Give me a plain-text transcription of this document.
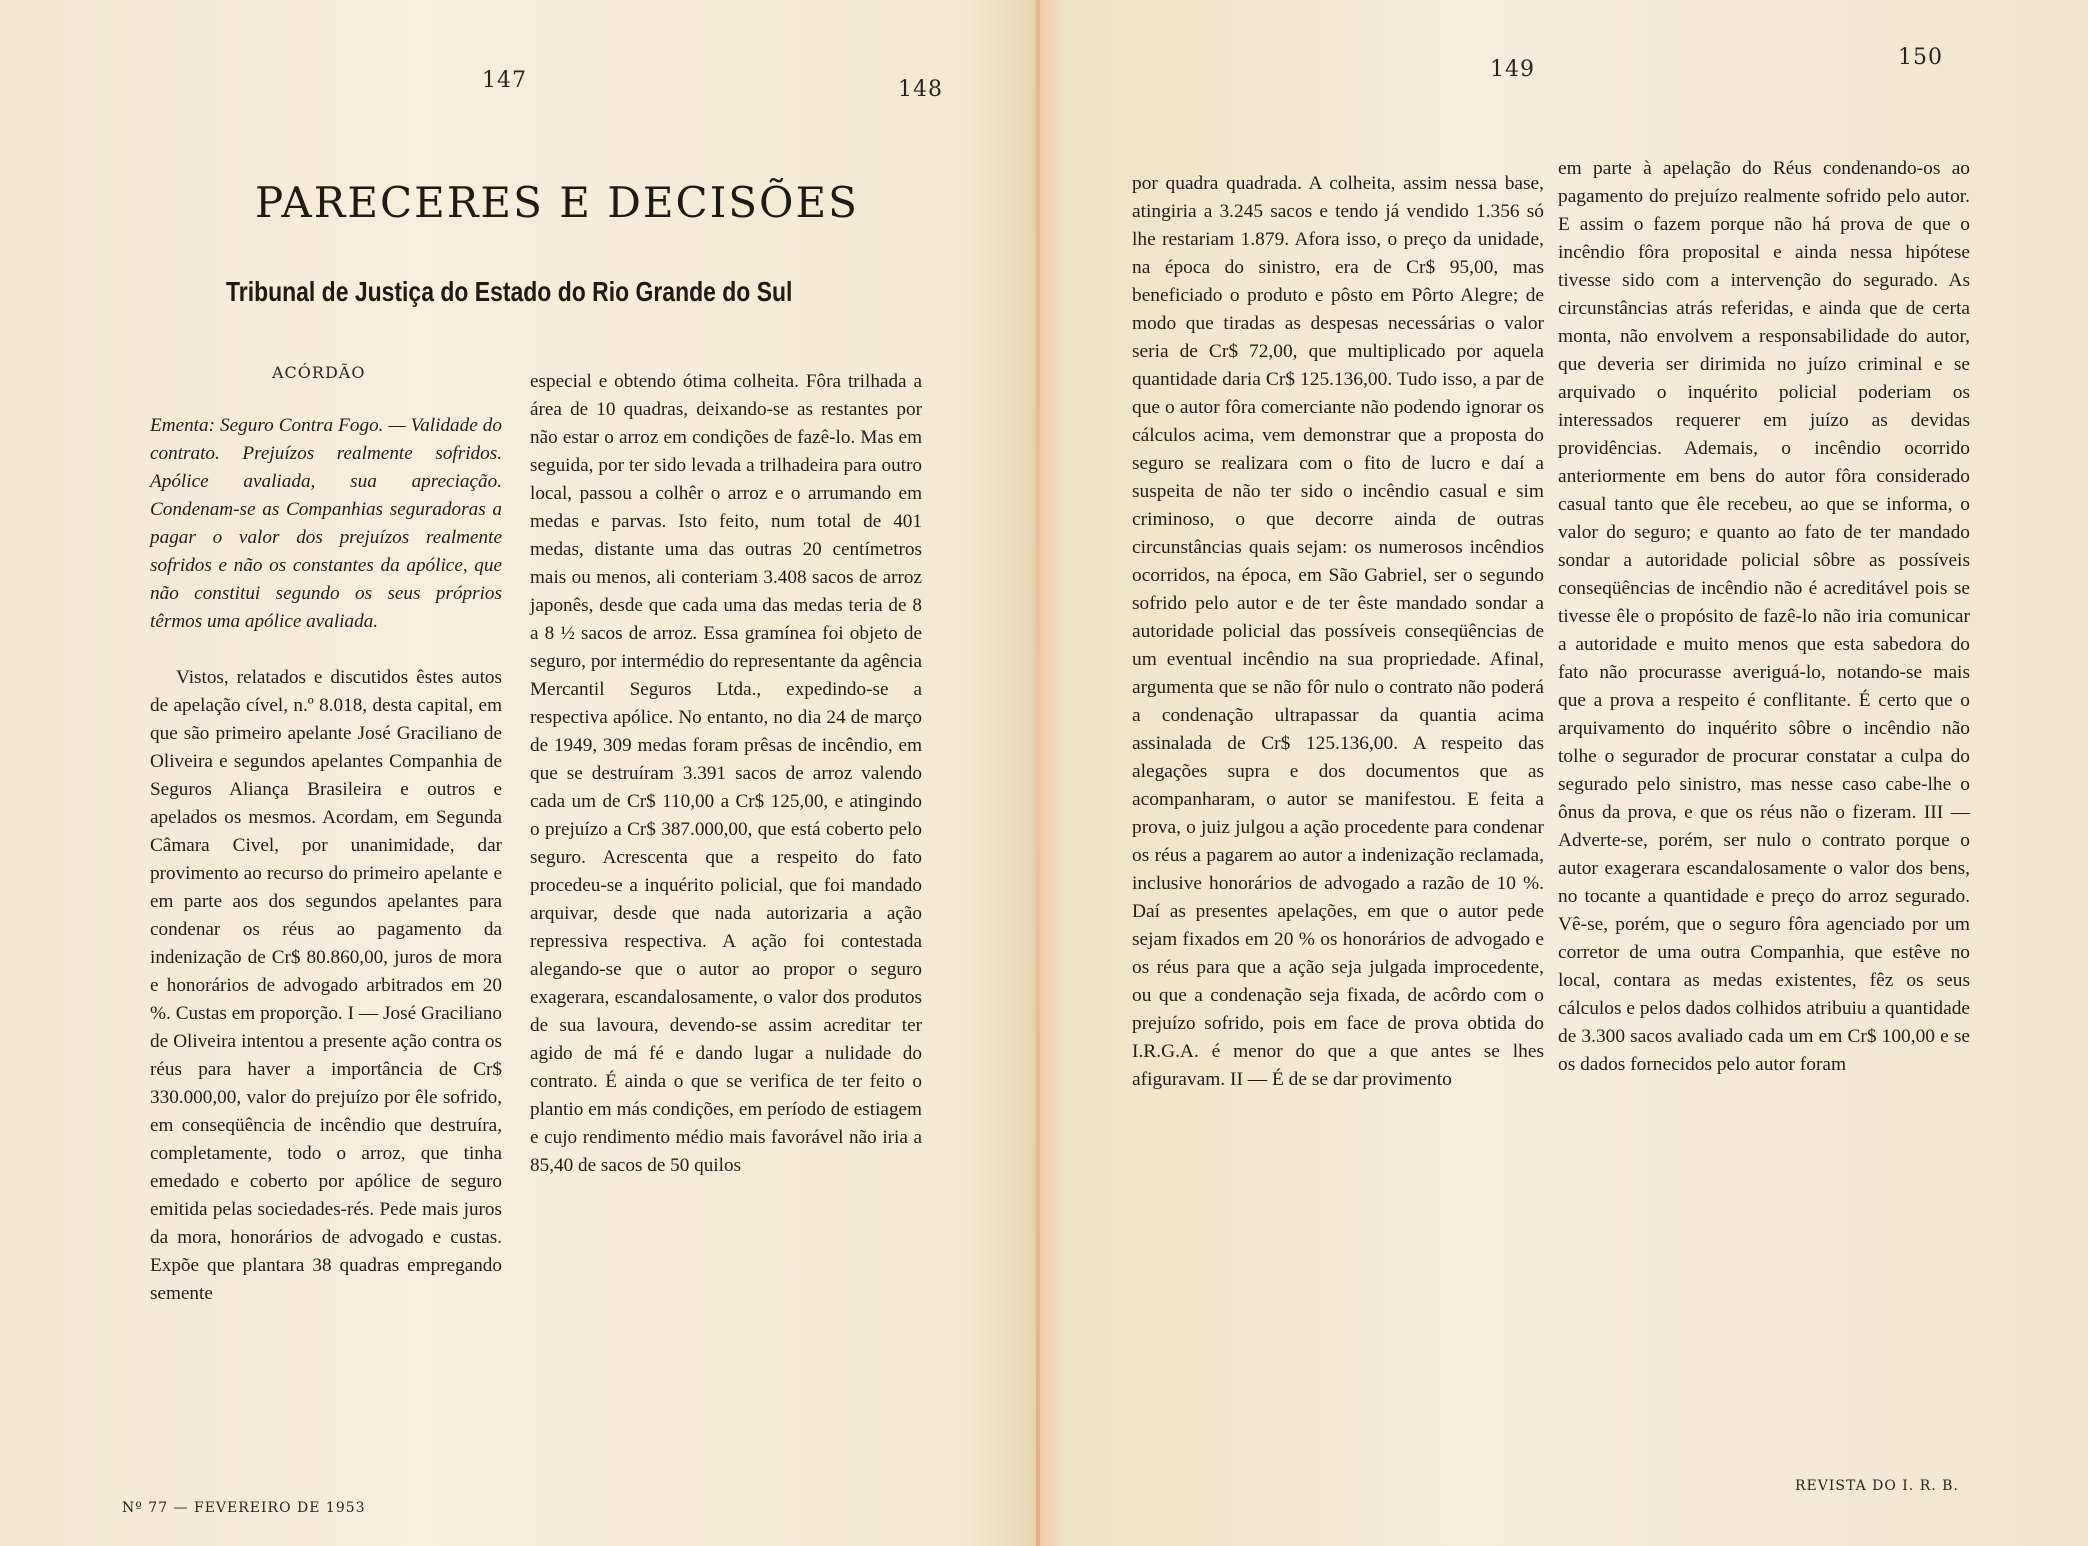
147	148
149	150
PARECERES E DECISÕES
Tribunal de Justiça do Estado do Rio Grande do Sul
ACÓRDÃO

Ementa: Seguro Contra Fogo. — Validade do contrato. Prejuízos realmente sofridos. Apólice avaliada, sua apreciação. Condenam-se as Companhias seguradoras a pagar o valor dos prejuízos realmente sofridos e não os constantes da apólice, que não constitui segundo os seus próprios têrmos uma apólice avaliada.

Vistos, relatados e discutidos êstes autos de apelação cível, n.º 8.018, desta capital, em que são primeiro apelante José Graciliano de Oliveira e segundos apelantes Companhia de Seguros Aliança Brasileira e outros e apelados os mesmos. Acordam, em Segunda Câmara Civel, por unanimidade, dar provimento ao recurso do primeiro apelante e em parte aos dos segundos apelantes para condenar os réus ao pagamento da indenização de Cr$ 80.860,00, juros de mora e honorários de advogado arbitrados em 20 %. Custas em proporção. I — José Graciliano de Oliveira intentou a presente ação contra os réus para haver a importância de Cr$ 330.000,00, valor do prejuízo por êle sofrido, em conseqüência de incêndio que destruíra, completamente, todo o arroz, que tinha emedado e coberto por apólice de seguro emitida pelas sociedades-rés. Pede mais juros da mora, honorários de advogado e custas. Expõe que plantara 38 quadras empregando semente

especial e obtendo ótima colheita. Fôra trilhada a área de 10 quadras, deixando-se as restantes por não estar o arroz em condições de fazê-lo. Mas em seguida, por ter sido levada a trilhadeira para outro local, passou a colhêr o arroz e o arrumando em medas e parvas. Isto feito, num total de 401 medas, distante uma das outras 20 centímetros mais ou menos, ali conteriam 3.408 sacos de arroz japonês, desde que cada uma das medas teria de 8 a 8 ½ sacos de arroz. Essa gramínea foi objeto de seguro, por intermédio do representante da agência Mercantil Seguros Ltda., expedindo-se a respectiva apólice. No entanto, no dia 24 de março de 1949, 309 medas foram prêsas de incêndio, em que se destruíram 3.391 sacos de arroz valendo cada um de Cr$ 110,00 a Cr$ 125,00, e atingindo o prejuízo a Cr$ 387.000,00, que está coberto pelo seguro. Acrescenta que a respeito do fato procedeu-se a inquérito policial, que foi mandado arquivar, desde que nada autorizaria a ação repressiva respectiva. A ação foi contestada alegando-se que o autor ao propor o seguro exagerara, escandalosamente, o valor dos produtos de sua lavoura, devendo-se assim acreditar ter agido de má fé e dando lugar a nulidade do contrato. É ainda o que se verifica de ter feito o plantio em más condições, em período de estiagem e cujo rendimento médio mais favorável não iria a 85,40 de sacos de 50 quilos

por quadra quadrada. A colheita, assim nessa base, atingiria a 3.245 sacos e tendo já vendido 1.356 só lhe restariam 1.879. Afora isso, o preço da unidade, na época do sinistro, era de Cr$ 95,00, mas beneficiado o produto e pôsto em Pôrto Alegre; de modo que tiradas as despesas necessárias o valor seria de Cr$ 72,00, que multiplicado por aquela quantidade daria Cr$ 125.136,00. Tudo isso, a par de que o autor fôra comerciante não podendo ignorar os cálculos acima, vem demonstrar que a proposta do seguro se realizara com o fito de lucro e daí a suspeita de não ter sido o incêndio casual e sim criminoso, o que decorre ainda de outras circunstâncias quais sejam: os numerosos incêndios ocorridos, na época, em São Gabriel, ser o segundo sofrido pelo autor e de ter êste mandado sondar a autoridade policial das possíveis conseqüências de um eventual incêndio na sua propriedade. Afinal, argumenta que se não fôr nulo o contrato não poderá a condenação ultrapassar da quantia acima assinalada de Cr$ 125.136,00. A respeito das alegações supra e dos documentos que as acompanharam, o autor se manifestou. E feita a prova, o juiz julgou a ação procedente para condenar os réus a pagarem ao autor a indenização reclamada, inclusive honorários de advogado a razão de 10 %. Daí as presentes apelações, em que o autor pede sejam fixados em 20 % os honorários de advogado e os réus para que a ação seja julgada improcedente, ou que a condenação seja fixada, de acôrdo com o prejuízo sofrido, pois em face de prova obtida do I.R.G.A. é menor do que a que antes se lhes afiguravam. II — É de se dar provimento

em parte à apelação do Réus condenando-os ao pagamento do prejuízo realmente sofrido pelo autor. E assim o fazem porque não há prova de que o incêndio fôra proposital e ainda nessa hipótese tivesse sido com a intervenção do segurado. As circunstâncias atrás referidas, e ainda que de certa monta, não envolvem a responsabilidade do autor, que deveria ser dirimida no juízo criminal e se arquivado o inquérito policial poderiam os interessados requerer em juízo as devidas providências. Ademais, o incêndio ocorrido anteriormente em bens do autor fôra considerado casual tanto que êle recebeu, ao que se informa, o valor do seguro; e quanto ao fato de ter mandado sondar a autoridade policial sôbre as possíveis conseqüências de incêndio não é acreditável pois se tivesse êle o propósito de fazê-lo não iria comunicar a autoridade e muito menos que esta sabedora do fato não procurasse averiguá-lo, notando-se mais que a prova a respeito é conflitante. É certo que o arquivamento do inquérito sôbre o incêndio não tolhe o segurador de procurar constatar a culpa do segurado pelo sinistro, mas nesse caso cabe-lhe o ônus da prova, e que os réus não o fizeram. III — Adverte-se, porém, ser nulo o contrato porque o autor exagerara escandalosamente o valor dos bens, no tocante a quantidade e preço do arroz segurado. Vê-se, porém, que o seguro fôra agenciado por um corretor de uma outra Companhia, que estêve no local, contara as medas existentes, fêz os seus cálculos e pelos dados colhidos atribuiu a quantidade de 3.300 sacos avaliado cada um em Cr$ 100,00 e se os dados fornecidos pelo autor foram

Nº 77 — FEVEREIRO DE 1953
REVISTA DO I. R. B.
